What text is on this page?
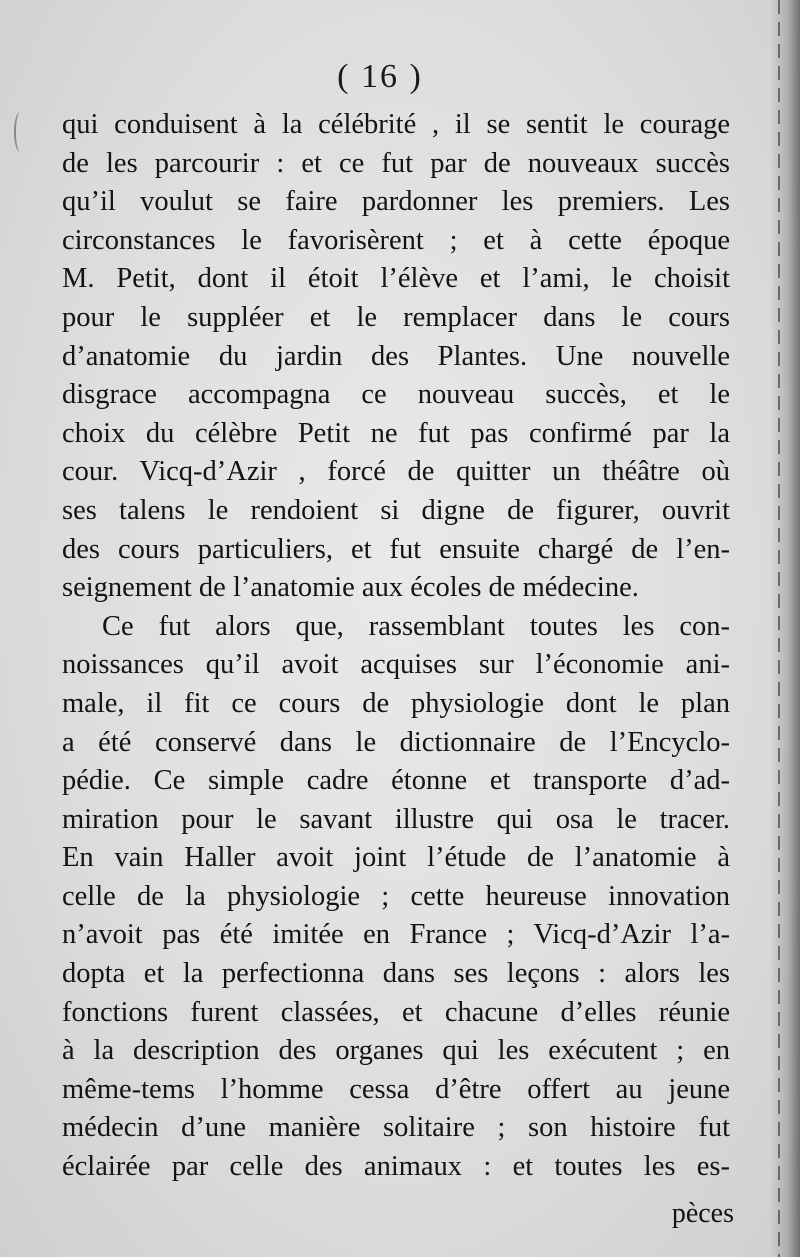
( 16 )
qui conduisent à la célébrité , il se sentit le courage
de les parcourir : et ce fut par de nouveaux succès
qu’il voulut se faire pardonner les premiers. Les
circonstances le favorisèrent ; et à cette époque
M. Petit, dont il étoit l’élève et l’ami, le choisit
pour le suppléer et le remplacer dans le cours
d’anatomie du jardin des Plantes. Une nouvelle
disgrace accompagna ce nouveau succès, et le
choix du célèbre Petit ne fut pas confirmé par la
cour. Vicq-d’Azir , forcé de quitter un théâtre où
ses talens le rendoient si digne de figurer, ouvrit
des cours particuliers, et fut ensuite chargé de l’en-
seignement de l’anatomie aux écoles de médecine.
Ce fut alors que, rassemblant toutes les con-
noissances qu’il avoit acquises sur l’économie ani-
male, il fit ce cours de physiologie dont le plan
a été conservé dans le dictionnaire de l’Encyclo-
pédie. Ce simple cadre étonne et transporte d’ad-
miration pour le savant illustre qui osa le tracer.
En vain Haller avoit joint l’étude de l’anatomie à
celle de la physiologie ; cette heureuse innovation
n’avoit pas été imitée en France ; Vicq-d’Azir l’a-
dopta et la perfectionna dans ses leçons : alors les
fonctions furent classées, et chacune d’elles réunie
à la description des organes qui les exécutent ; en
même-tems l’homme cessa d’être offert au jeune
médecin d’une manière solitaire ; son histoire fut
éclairée par celle des animaux : et toutes les es-
pèces
